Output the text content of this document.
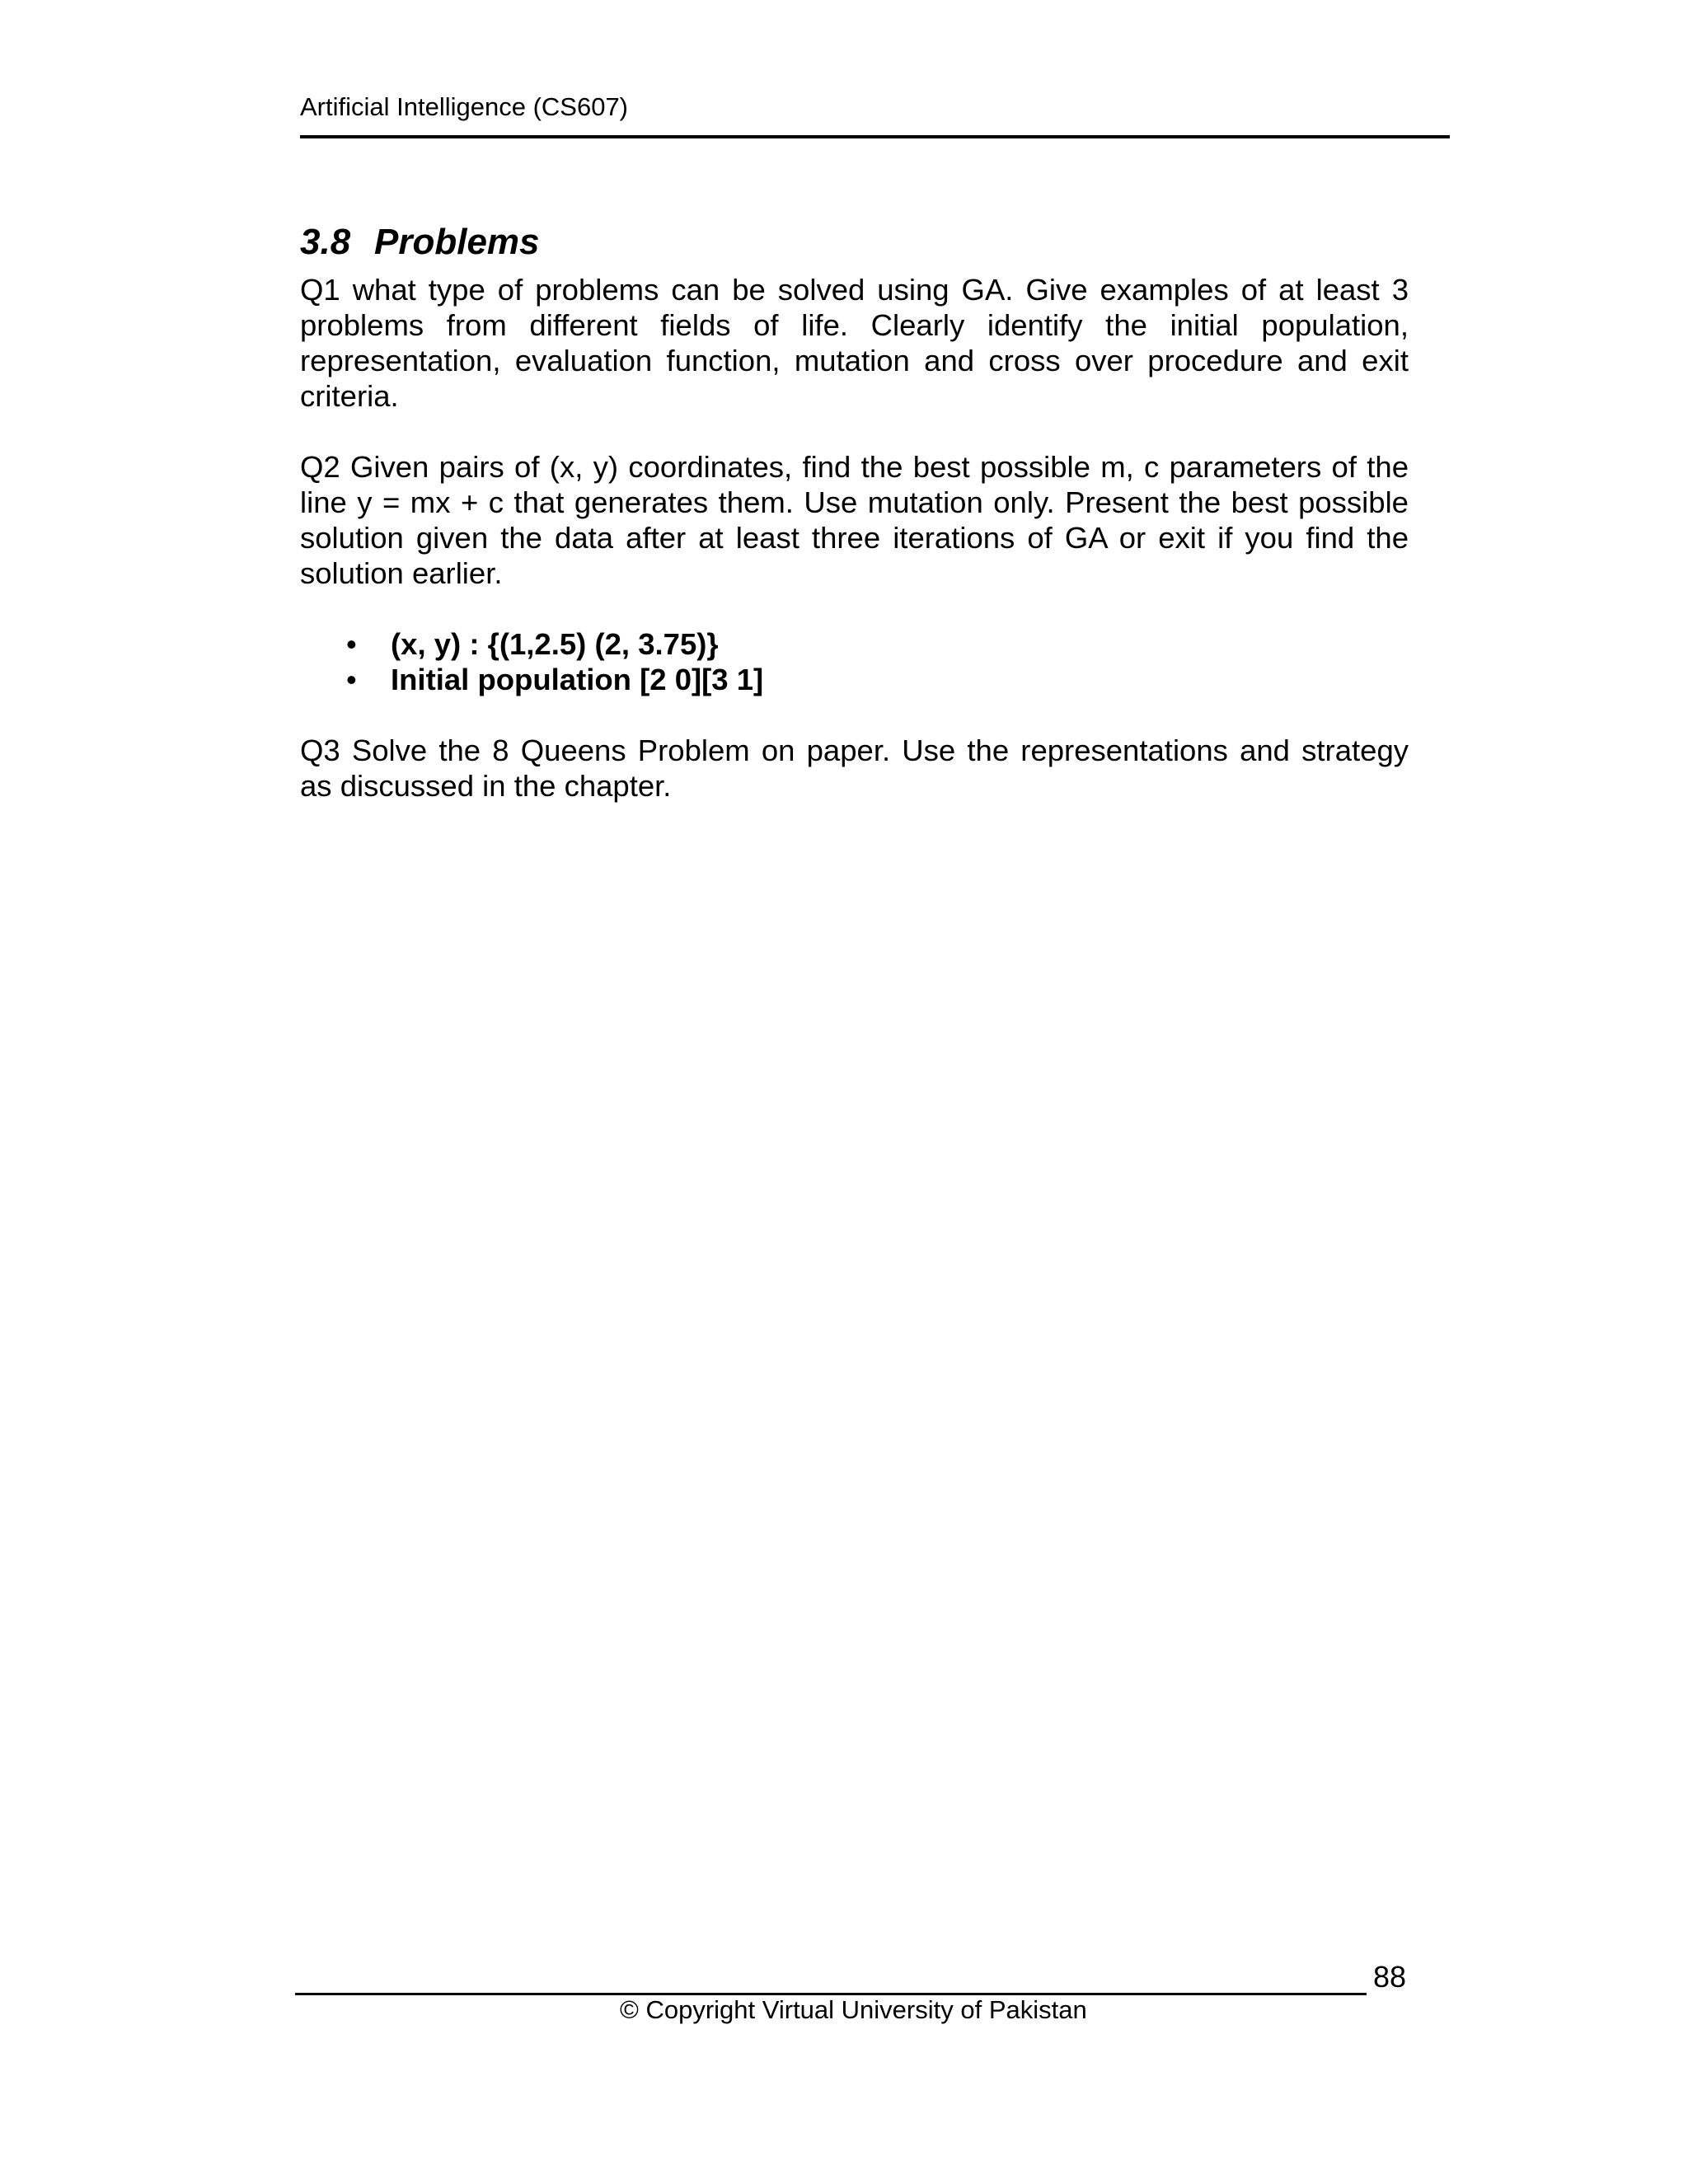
Artificial Intelligence (CS607)
3.8 Problems

Q1 what type of problems can be solved using GA. Give examples of at least 3 problems from different fields of life. Clearly identify the initial population, representation, evaluation function, mutation and cross over procedure and exit criteria.

Q2 Given pairs of (x, y) coordinates, find the best possible m, c parameters of the line y = mx + c that generates them. Use mutation only. Present the best possible solution given the data after at least three iterations of GA or exit if you find the solution earlier.

• (x, y) : {(1,2.5) (2, 3.75)}
• Initial population [2 0][3 1]

Q3 Solve the 8 Queens Problem on paper. Use the representations and strategy as discussed in the chapter.

88
© Copyright Virtual University of Pakistan
